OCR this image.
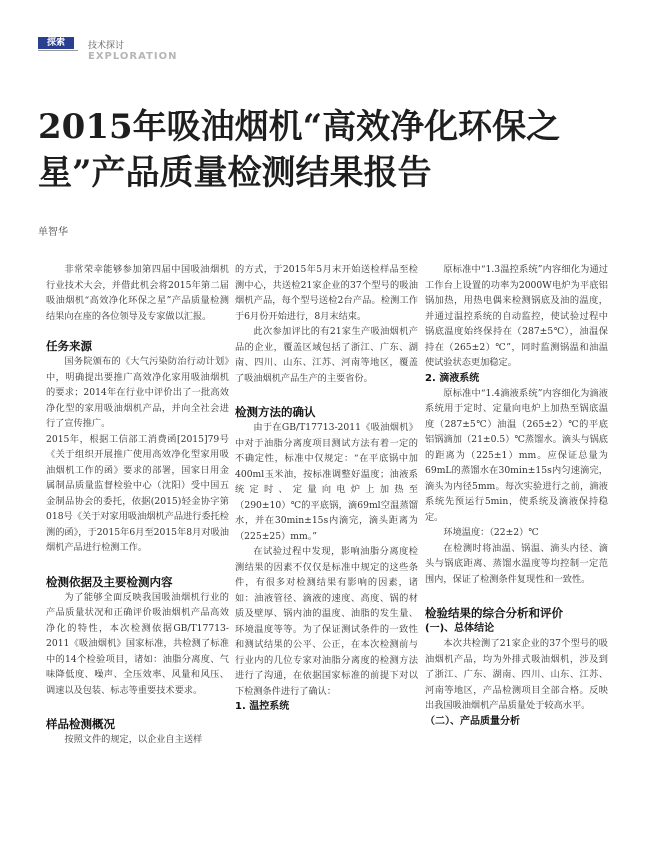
探索	技术探讨
EXPLORATION
2015年吸油烟机“高效净化环保之星”产品质量检测结果报告
单智华

非常荣幸能够参加第四届中国吸油烟机行业技术大会，并借此机会将2015年第二届吸油烟机“高效净化环保之星”产品质量检测结果向在座的各位领导及专家做以汇报。

任务来源

国务院颁布的《大气污染防治行动计划》中，明确提出要推广高效净化家用吸油烟机的要求；2014年在行业中评价出了一批高效净化型的家用吸油烟机产品，并向全社会进行了宣传推广。

2015年，根据工信部工消费函[2015]79号《关于组织开展推广使用高效净化型家用吸油烟机工作的函》要求的部署，国家日用金属制品质量监督检验中心（沈阳）受中国五金制品协会的委托，依据(2015)轻金协字第018号《关于对家用吸油烟机产品进行委托检测的函》，于2015年6月至2015年8月对吸油烟机产品进行检测工作。

检测依据及主要检测内容

为了能够全面反映我国吸油烟机行业的产品质量状况和正确评价吸油烟机产品高效净化的特性，本次检测依据GB/T17713-2011《吸油烟机》国家标准，共检测了标准中的14个检验项目，诸如：油脂分离度、气味降低度、噪声、全压效率、风量和风压、调速以及包装、标志等重要技术要求。

样品检测概况

按照文件的规定，以企业自主送样

的方式，于2015年5月末开始送检样品至检测中心，共送检21家企业的37个型号的吸油烟机产品，每个型号送检2台产品。检测工作于6月份开始进行，8月末结束。

此次参加评比的有21家生产吸油烟机产品的企业，覆盖区域包括了浙江、广东、湖南、四川、山东、江苏、河南等地区，覆盖了吸油烟机产品生产的主要省份。

检测方法的确认

由于在GB/T17713-2011《吸油烟机》中对于油脂分离度项目测试方法有着一定的不确定性，标准中仅规定：“在平底锅中加400ml玉米油，按标准调整好温度；油液系统定时、定量向电炉上加热至（290±10）℃的平底锅，滴69ml空温蒸馏水，并在30min±15s内滴完，滴头距离为（225±25）mm。”

在试验过程中发现，影响油脂分离度检测结果的因素不仅仅是标准中规定的这些条件，有很多对检测结果有影响的因素，诸如：油液管径、滴液的速度、高度、锅的材质及壁厚、锅内油的温度、油脂的发生量、环境温度等等。为了保证测试条件的一致性和测试结果的公平、公正，在本次检测前与行业内的几位专家对油脂分离度的检测方法进行了沟通，在依据国家标准的前提下对以下检测条件进行了确认：

1. 温控系统

原标准中“1.3温控系统”内容细化为通过工作台上设置的功率为2000W电炉为平底铝锅加热，用热电偶来检测锅底及油的温度，并通过温控系统的自动监控，使试验过程中锅底温度始终保持在（287±5℃），油温保持在（265±2）℃”，同时监测锅温和油温使试验状态更加稳定。

2. 滴液系统

原标准中“1.4滴液系统”内容细化为滴液系统用于定时、定量向电炉上加热至锅底温度（287±5℃）油温（265±2）℃的平底铝锅滴加（21±0.5）℃蒸馏水。滴头与锅底的距离为（225±1）mm。应保证总量为69mL的蒸馏水在30min±15s内匀速滴完，滴头为内径5mm。每次实验进行之前，滴液系统先预运行5min，使系统及滴液保持稳定。

环境温度：（22±2）℃

在检测时将油温、锅温、滴头内径、滴头与锅底距离、蒸馏水温度等均控制一定范围内，保证了检测条件复现性和一致性。

检验结果的综合分析和评价
(一)、总体结论

本次共检测了21家企业的37个型号的吸油烟机产品，均为外排式吸油烟机，涉及到了浙江、广东、湖南、四川、山东、江苏、河南等地区，产品检测项目全部合格。反映出我国吸油烟机产品质量处于较高水平。

（二）、产品质量分析
